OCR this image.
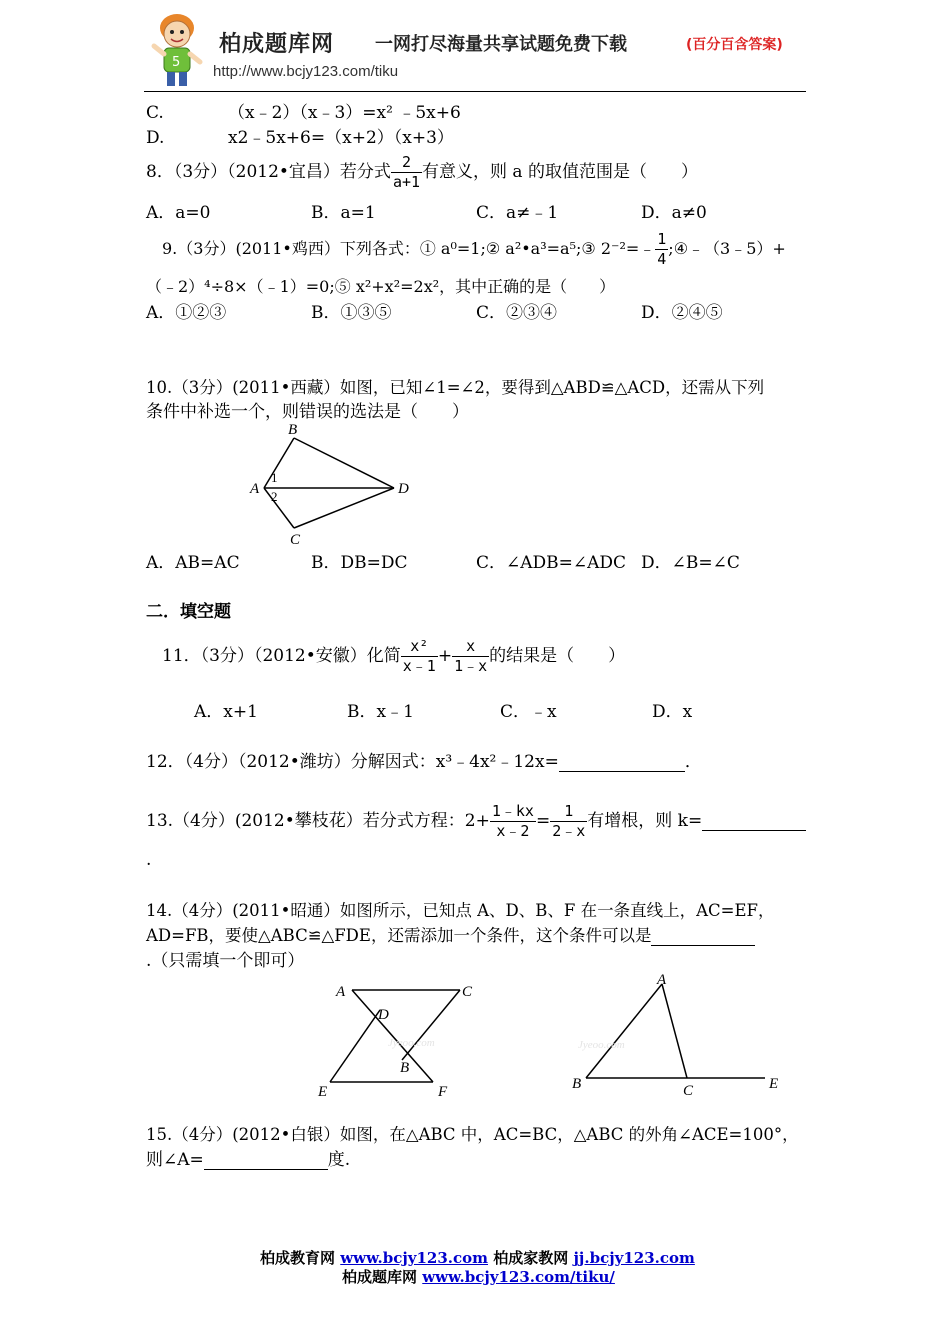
5
柏成题库网 一网打尽海量共享试题免费下载	(百分百含答案)
http://www.bcjy123.com/tiku
C.	（x﹣2）（x﹣3）=x² ﹣5x+6
D.	x2﹣5x+6=（x+2）（x+3）
8．（3分）（2012•宜昌）若分式 $\frac{2}{a+1}$ 有意义，则 a 的取值范围是（　　）
A．a=0	B．a=1	C．a≠﹣1	D．a≠0
9.（3分）(2011•鸡西）下列各式：① a⁰=1;② a²•a³=a⁵;③ 2⁻²=﹣ $\frac{1}{4}$ ;④﹣（3﹣5）+
（﹣2）⁴÷8×（﹣1）=0;⑤ x²+x²=2x²，其中正确的是（　　）
A．①②③	B．①③⑤	C．②③④	D．②④⑤
10.（3分）(2011•西藏）如图，已知∠1=∠2，要得到△ABD≌△ACD，还需从下列
条件中补选一个，则错误的选法是（　　）
B
A
C
D
1
2
A．AB=AC	B．DB=DC	C．∠ADB=∠ADC D．∠B=∠C
二．填空题
11．（3分）（2012•安徽）化简 $\frac{\text{x²}}{x﹣1} + \frac{x}{1﹣x}$ 的结果是（　　）
A．x+1	B．x﹣1	C．﹣x	D．x
12．（4分）（2012•潍坊）分解因式：x³﹣4x²﹣12x=	．
13.（4分）(2012•攀枝花）若分式方程：$2+ \frac{1﹣kx}{x﹣2} = \frac{1}{2﹣x}$ 有增根，则 k=
.
14.（4分）(2011•昭通）如图所示，已知点 A、D、B、F 在一条直线上，AC=EF，
AD=FB，要使△ABC≌△FDE，还需添加一个条件，这个条件可以是
.（只需填一个即可）
Jyeoo.com
A	C
D
B
E	F
Jyeoo.com
A
B	C	E
15.（4分）(2012•白银）如图，在△ABC 中，AC=BC，△ABC 的外角∠ACE=100°，
则∠A=	度.
柏成教育网 www.bcjy123.com 柏成家教网 jj.bcjy123.com
柏成题库网 www.bcjy123.com/tiku/
